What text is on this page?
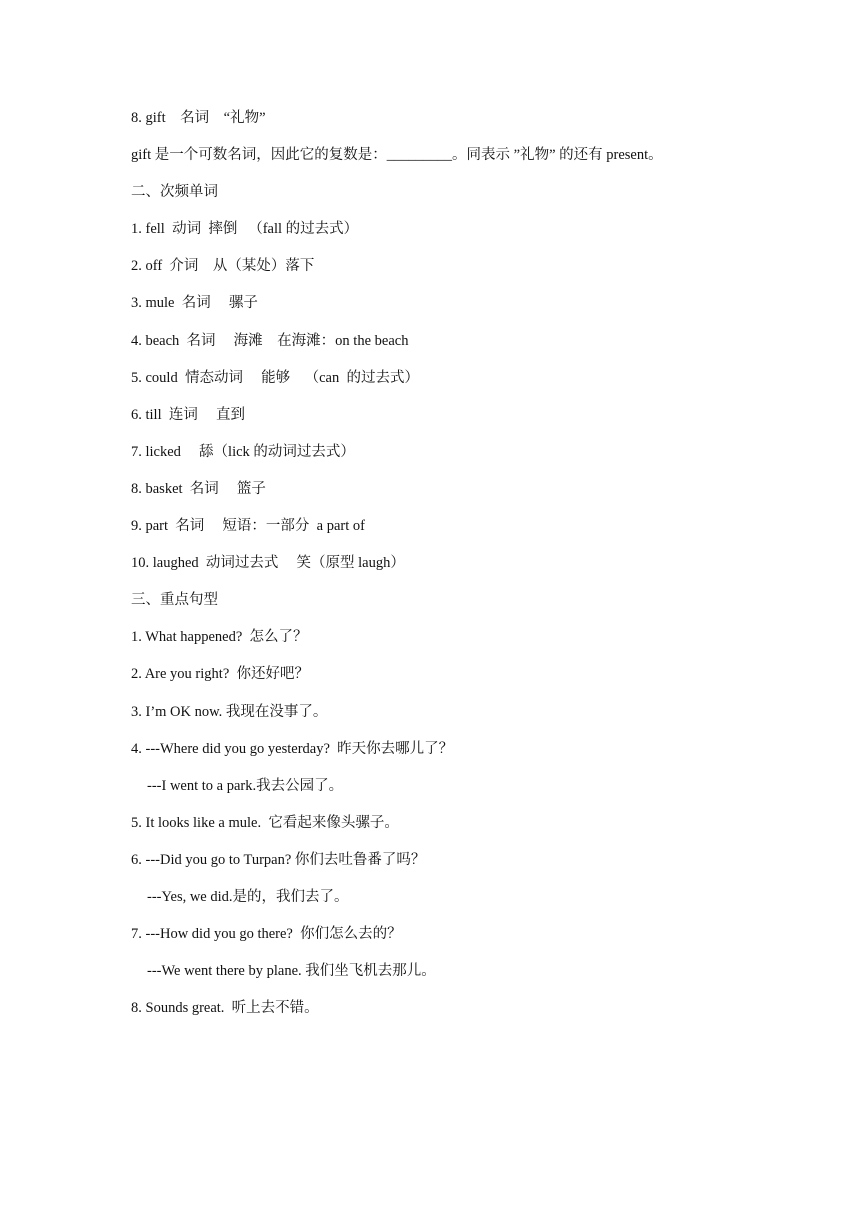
8. gift    名词    “礼物”
gift 是一个可数名词，因此它的复数是：_________。同表示 ”礼物” 的还有 present。
二、次频单词
1. fell  动词  摔倒   （fall 的过去式）
2. off  介词    从（某处）落下
3. mule  名词     骡子
4. beach  名词     海滩    在海滩：on the beach
5. could  情态动词     能够    （can  的过去式）
6. till  连词     直到
7. licked     舔（lick 的动词过去式）
8. basket  名词     篮子
9. part  名词     短语：一部分  a part of
10. laughed  动词过去式     笑（原型 laugh）
三、重点句型
1. What happened?  怎么了？
2. Are you right?  你还好吧？
3. I’m OK now. 我现在没事了。
4. ---Where did you go yesterday?  昨天你去哪儿了？
---I went to a park.我去公园了。
5. It looks like a mule.  它看起来像头骡子。
6. ---Did you go to Turpan? 你们去吐鲁番了吗？
---Yes, we did.是的，我们去了。
7. ---How did you go there?  你们怎么去的？
---We went there by plane. 我们坐飞机去那儿。
8. Sounds great.  听上去不错。
